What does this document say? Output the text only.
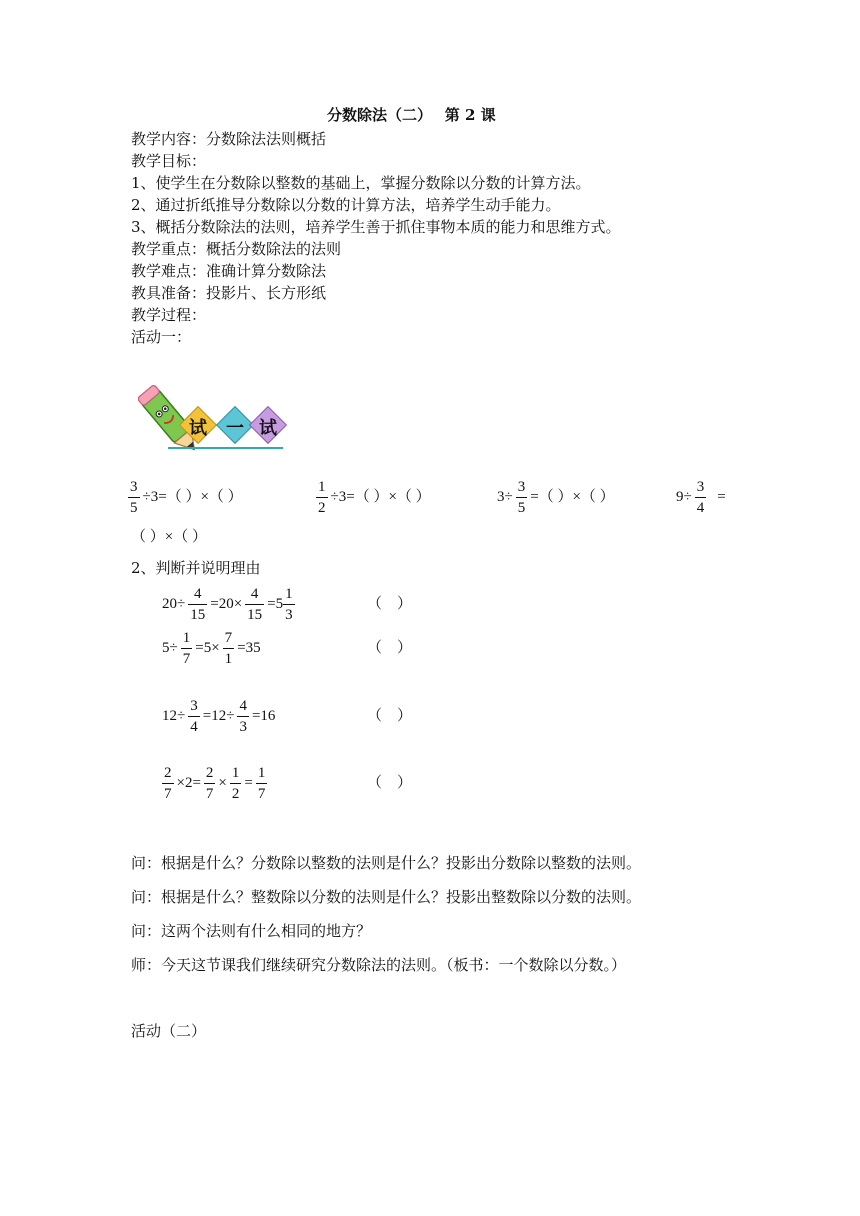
分数除法（二）　 第 2 课
教学内容：分数除法法则概括
教学目标：
1、使学生在分数除以整数的基础上，掌握分数除以分数的计算方法。
2、通过折纸推导分数除以分数的计算方法，培养学生动手能力。
3、概括分数除法的法则，培养学生善于抓住事物本质的能力和思维方式。
教学重点：概括分数除法的法则
教学难点：准确计算分数除法
教具准备：投影片、长方形纸
教学过程：
活动一：
试 一 试
$\frac{3}{5} \div 3=$（ ）×（ ）	$\frac{1}{2} \div 3=$（ ）×（ ）	$3\div \frac{3}{5}$ =（ ）×（ ）	$9\div \frac{3}{4}$ =
（ ）×（ ）
2、判断并说明理由
$20\div \frac{4}{15} =20\times \frac{4}{15} =5 \frac{1}{3}$	（　）
$5\div \frac{1}{7} =5\times \frac{7}{1} =35$	（　）
$12\div \frac{3}{4} =12\div \frac{4}{3} =16$	（　）
$\frac{2}{7} \times 2= \frac{2}{7} \times \frac{1}{2} = \frac{1}{7}$	（　）
问：根据是什么？分数除以整数的法则是什么？投影出分数除以整数的法则。
问：根据是什么？整数除以分数的法则是什么？投影出整数除以分数的法则。
问：这两个法则有什么相同的地方？
师：今天这节课我们继续研究分数除法的法则。（板书：一个数除以分数。）
活动（二）
